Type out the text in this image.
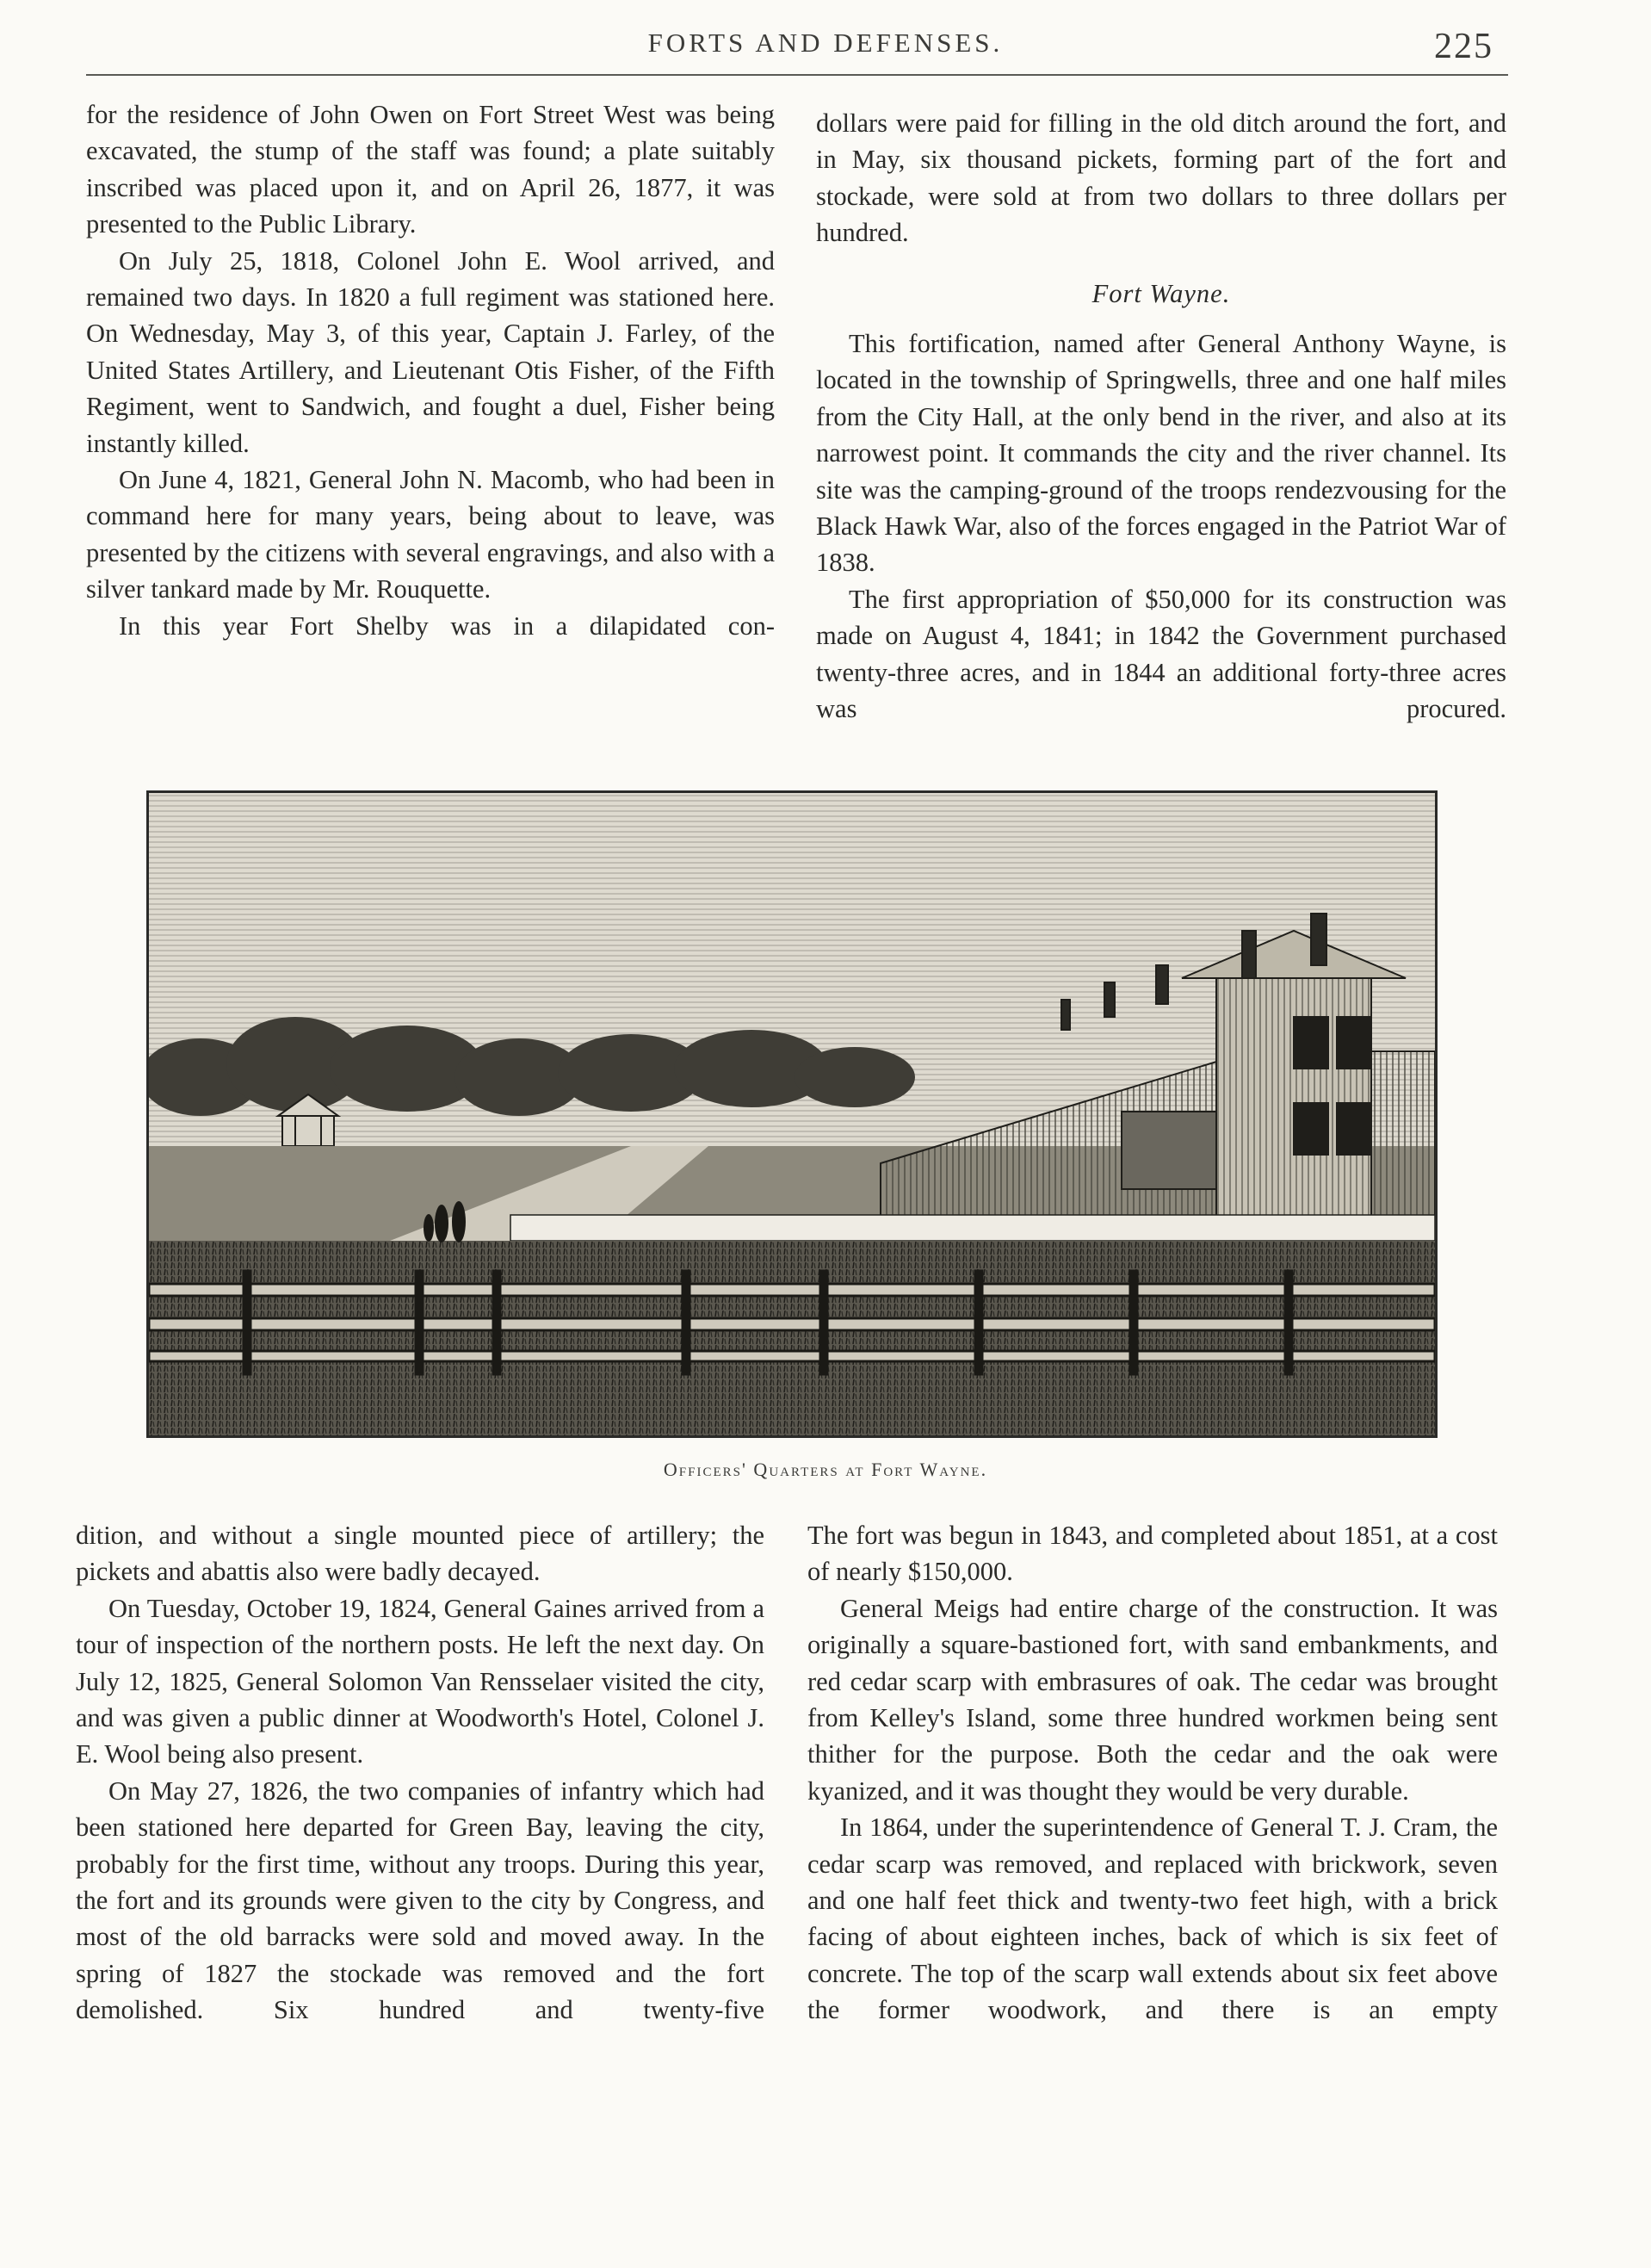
FORTS AND DEFENSES.	225

for the residence of John Owen on Fort Street West was being excavated, the stump of the staff was found; a plate suitably inscribed was placed upon it, and on April 26, 1877, it was presented to the Public Library.

On July 25, 1818, Colonel John E. Wool arrived, and remained two days. In 1820 a full regiment was stationed here. On Wednesday, May 3, of this year, Captain J. Farley, of the United States Artillery, and Lieutenant Otis Fisher, of the Fifth Regiment, went to Sandwich, and fought a duel, Fisher being instantly killed.

On June 4, 1821, General John N. Macomb, who had been in command here for many years, being about to leave, was presented by the citizens with several engravings, and also with a silver tankard made by Mr. Rouquette.

In this year Fort Shelby was in a dilapidated con-

dollars were paid for filling in the old ditch around the fort, and in May, six thousand pickets, forming part of the fort and stockade, were sold at from two dollars to three dollars per hundred.

Fort Wayne.

This fortification, named after General Anthony Wayne, is located in the township of Springwells, three and one half miles from the City Hall, at the only bend in the river, and also at its narrowest point. It commands the city and the river channel. Its site was the camping-ground of the troops rendezvousing for the Black Hawk War, also of the forces engaged in the Patriot War of 1838.

The first appropriation of $50,000 for its construction was made on August 4, 1841; in 1842 the Government purchased twenty-three acres, and in 1844 an additional forty-three acres was procured.

Officers' Quarters at Fort Wayne.

dition, and without a single mounted piece of artillery; the pickets and abattis also were badly decayed.

On Tuesday, October 19, 1824, General Gaines arrived from a tour of inspection of the northern posts. He left the next day. On July 12, 1825, General Solomon Van Rensselaer visited the city, and was given a public dinner at Woodworth's Hotel, Colonel J. E. Wool being also present.

On May 27, 1826, the two companies of infantry which had been stationed here departed for Green Bay, leaving the city, probably for the first time, without any troops. During this year, the fort and its grounds were given to the city by Congress, and most of the old barracks were sold and moved away. In the spring of 1827 the stockade was removed and the fort demolished. Six hundred and twenty-five

The fort was begun in 1843, and completed about 1851, at a cost of nearly $150,000.

General Meigs had entire charge of the construction. It was originally a square-bastioned fort, with sand embankments, and red cedar scarp with embrasures of oak. The cedar was brought from Kelley's Island, some three hundred workmen being sent thither for the purpose. Both the cedar and the oak were kyanized, and it was thought they would be very durable.

In 1864, under the superintendence of General T. J. Cram, the cedar scarp was removed, and replaced with brickwork, seven and one half feet thick and twenty-two feet high, with a brick facing of about eighteen inches, back of which is six feet of concrete. The top of the scarp wall extends about six feet above the former woodwork, and there is an empty
